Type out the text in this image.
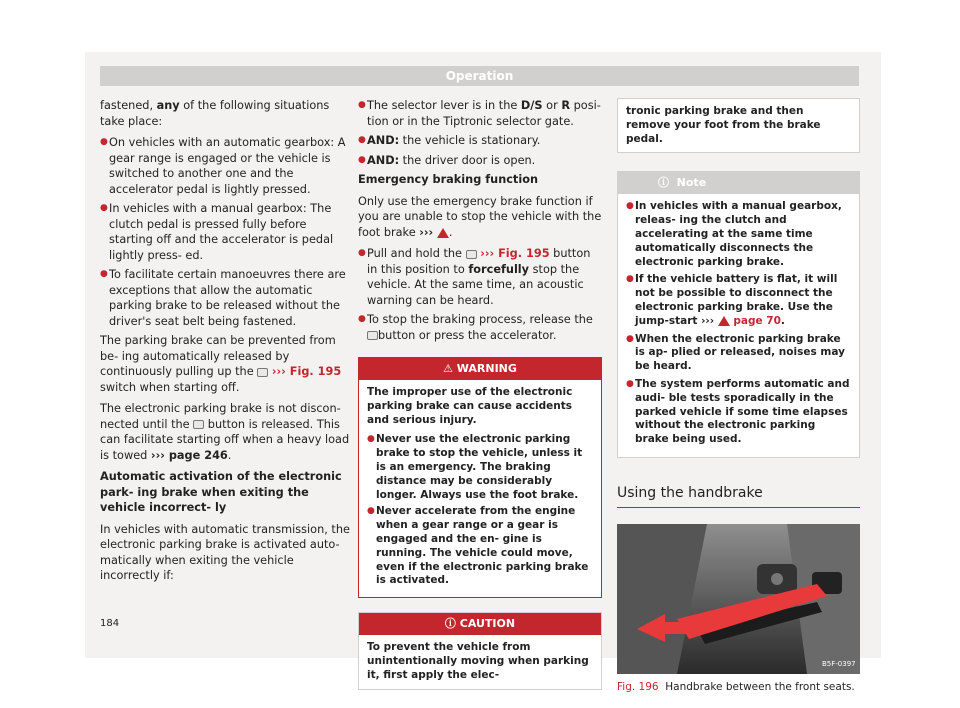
Operation

fastened, any of the following situations take place:

● On vehicles with an automatic gearbox: A gear range is engaged or the vehicle is switched to another one and the accelerator pedal is lightly pressed.
● In vehicles with a manual gearbox: The clutch pedal is pressed fully before starting off and the accelerator is pedal lightly press- ed.
● To facilitate certain manoeuvres there are exceptions that allow the automatic parking brake to be released without the driver's seat belt being fastened.

The parking brake can be prevented from be- ing automatically released by continuously pulling up the  ››› Fig. 195 switch when starting off.

The electronic parking brake is not discon- nected until the  button is released. This can facilitate starting off when a heavy load is towed ››› page 246.

Automatic activation of the electronic park- ing brake when exiting the vehicle incorrect- ly

In vehicles with automatic transmission, the electronic parking brake is activated auto- matically when exiting the vehicle incorrectly if:

● The selector lever is in the D/S or R posi- tion or in the Tiptronic selector gate.
● AND: the vehicle is stationary.
● AND: the driver door is open.

Emergency braking function

Only use the emergency brake function if you are unable to stop the vehicle with the foot brake ››› .

● Pull and hold the  ››› Fig. 195 button in this position to forcefully stop the vehicle. At the same time, an acoustic warning can be heard.
● To stop the braking process, release the button or press the accelerator.
⚠ WARNING

The improper use of the electronic parking brake can cause accidents and serious injury.

● Never use the electronic parking brake to stop the vehicle, unless it is an emergency. The braking distance may be considerably longer. Always use the foot brake.
● Never accelerate from the engine when a gear range or a gear is engaged and the en- gine is running. The vehicle could move, even if the electronic parking brake is activated.
ⓘ CAUTION
To prevent the vehicle from unintentionally moving when parking it, first apply the elec-
tronic parking brake and then remove your foot from the brake pedal.
ⓘ  Note
● In vehicles with a manual gearbox, releas- ing the clutch and accelerating at the same time automatically disconnects the electronic parking brake.
● If the vehicle battery is flat, it will not be possible to disconnect the electronic parking brake. Use the jump-start ›››  page 70.
● When the electronic parking brake is ap- plied or released, noises may be heard.
● The system performs automatic and audi- ble tests sporadically in the parked vehicle if some time elapses without the electronic parking brake being used.
Using the handbrake
B5F-0397
Fig. 196 Handbrake between the front seats.
184
